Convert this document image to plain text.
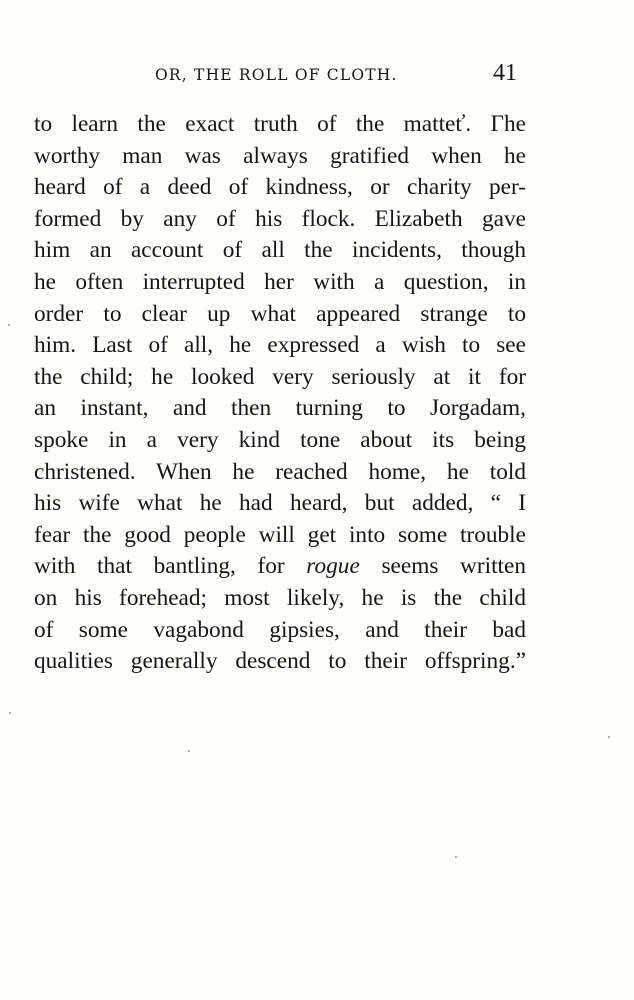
OR, THE ROLL OF CLOTH.	41
to learn the exact truth of the matteť. Γhe
worthy man was always gratified when he
heard of a deed of kindness, or charity per-
formed by any of his flock. Elizabeth gave
him an account of all the incidents, though
he often interrupted her with a question, in
order to clear up what appeared strange to
him. Last of all, he expressed a wish to see
the child; he looked very seriously at it for
an instant, and then turning to Jorgadam,
spoke in a very kind tone about its being
christened. When he reached home, he told
his wife what he had heard, but added, “ I
fear the good people will get into some trouble
with that bantling, for rogue seems written
on his forehead; most likely, he is the child
of some vagabond gipsies, and their bad
qualities generally descend to their offspring.”
